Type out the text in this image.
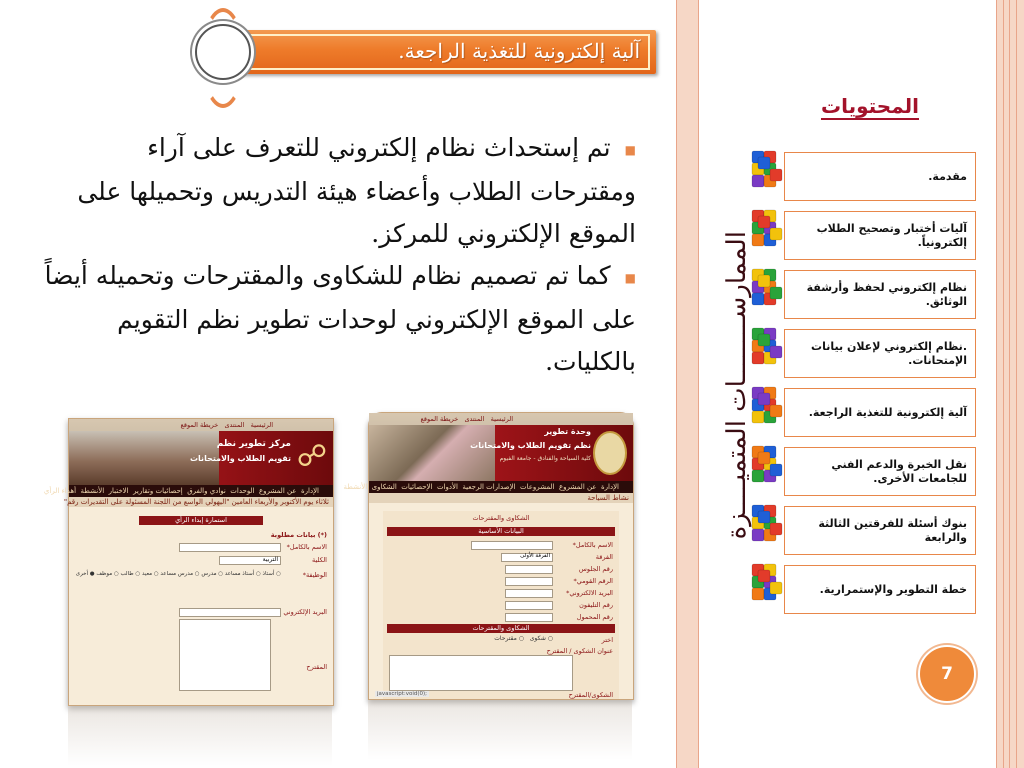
آلية إلكترونية للتغذية الراجعة.
■تم إستحداث نظام إلكتروني للتعرف على آراء ومقترحات الطلاب وأعضاء هيئة التدريس وتحميلها على الموقع الإلكتروني للمركز.
■كما تم تصميم نظام للشكاوى والمقترحات وتحميله أيضاً على الموقع الإلكتروني لوحدات تطوير نظم التقويم بالكليات.
الرئيسية   المنتدى   خريطة الموقع
☍
مركز تطوير نظم
تقويم الطلاب والامتحانات
الإدارة  عن المشروع  الوحدات  نوادي والفرق  إحصائيات وتقارير  الاختبار  الأنشطة  أهداء الرأي
ثلاثاء يوم الأكتوبر والأربعاء العامين "اليهولي الواسع من اللجنة المسئولة على التقديرات رقم"
استمارة إبداء الرأي
(*) بيانات مطلوبة
الاسم بالكامل*
الكلية
التربية
الوظيفة*
○ أستاذ ○ أستاذ مساعد ○ مدرس ○ مدرس مساعد ○ معيد ○ طالب ○ موظف ● أخرى
البريد الإلكتروني
المقترح
الرئيسية   المنتدى   خريطة الموقع
وحدة تطوير
نظم تقويم الطلاب والامتحانات
كلية السياحة والفنادق - جامعة الفيوم
الإدارة  عن المشروع  المشروعات  الإصدارات الرجعية  الأدوات  الإحصائيات  الشكاوى  الأنشطة
نشاط السياحة
الشكاوى والمقترحات
البيانات الأساسية
الاسم بالكامل*
الفرقة
الفرقة الأولى
رقم الجلوس
الرقم القومي*
البريد الالكتروني*
رقم التليفون
رقم المحمول
الشكاوى والمقترحات
اختر
○ شكوى   ○ مقترحات
عنوان الشكوى / المقترح
الشكوى/المقترح
javascript:void(0);
الممارســــــــات المتميــــزة
المحتويات
مقدمة.
آليات أختبار وتصحيح الطلاب إلكترونياً.
نظام إلكتروني لحفظ وأرشفة الوثائق.
.نظام إلكتروني لإعلان بيانات الإمتحانات.
آلية إلكترونية للتغذية الراجعة.
نقل الخبرة والدعم الفني للجامعات الأخرى.
بنوك أسئلة للفرقتين الثالثة والرابعة
خطة التطوير والإستمرارية.
7
